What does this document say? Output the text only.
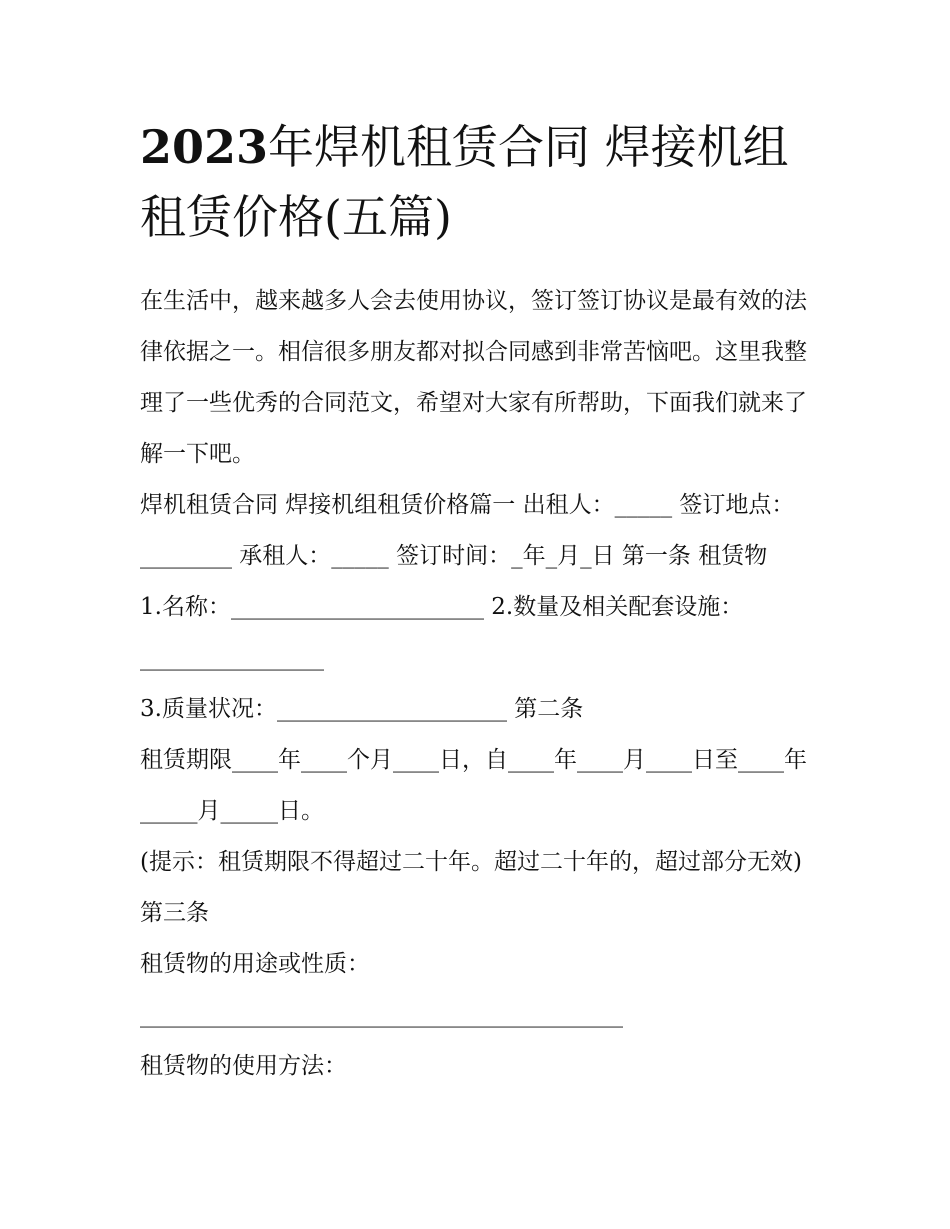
2023年焊机租赁合同 焊接机组租赁价格(五篇)

在生活中，越来越多人会去使用协议，签订签订协议是最有效的法律依据之一。相信很多朋友都对拟合同感到非常苦恼吧。这里我整理了一些优秀的合同范文，希望对大家有所帮助，下面我们就来了解一下吧。

焊机租赁合同 焊接机组租赁价格篇一 出租人：_____ 签订地点：________ 承租人：_____ 签订时间：_年_月_日 第一条 租赁物

1.名称：______________________ 2.数量及相关配套设施：________________

3.质量状况：____________________ 第二条

租赁期限____年____个月____日，自____年____月____日至____年_____月_____日。

(提示：租赁期限不得超过二十年。超过二十年的，超过部分无效) 第三条

租赁物的用途或性质：__________________________________________

租赁物的使用方法：
